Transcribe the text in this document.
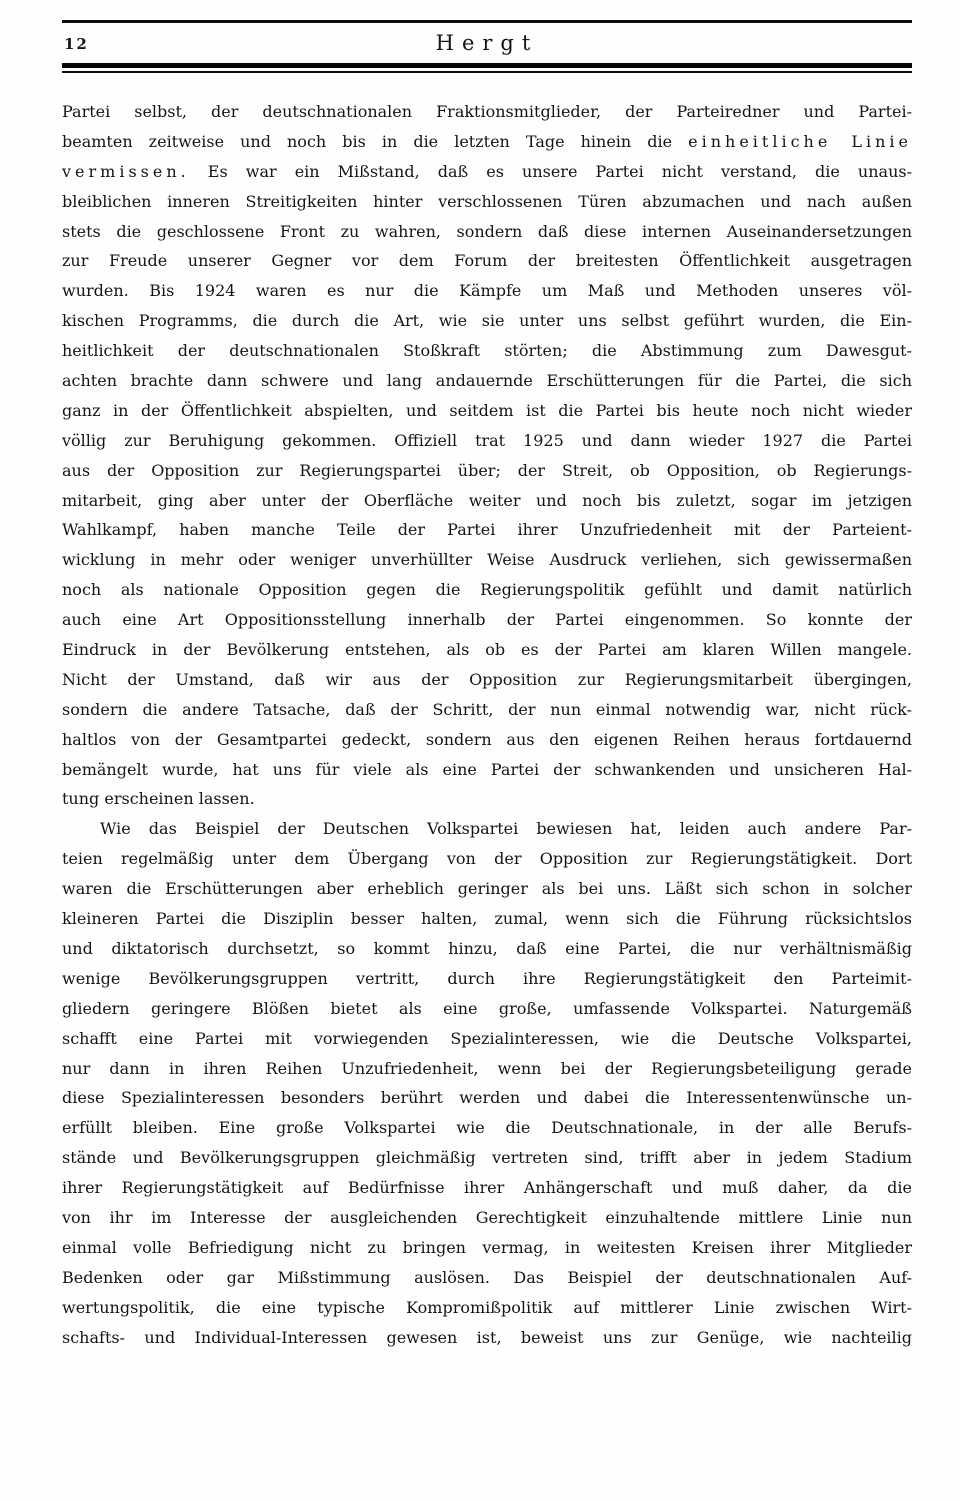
12	Hergt
Partei selbst, der deutschnationalen Fraktionsmitglieder, der Parteiredner und Partei-
beamten zeitweise und noch bis in die letzten Tage hinein die einheitliche Linie
vermissen. Es war ein Mißstand, daß es unsere Partei nicht verstand, die unaus-
bleiblichen inneren Streitigkeiten hinter verschlossenen Türen abzumachen und nach außen
stets die geschlossene Front zu wahren, sondern daß diese internen Auseinandersetzungen
zur Freude unserer Gegner vor dem Forum der breitesten Öffentlichkeit ausgetragen
wurden. Bis 1924 waren es nur die Kämpfe um Maß und Methoden unseres völ-
kischen Programms, die durch die Art, wie sie unter uns selbst geführt wurden, die Ein-
heitlichkeit der deutschnationalen Stoßkraft störten; die Abstimmung zum Dawesgut-
achten brachte dann schwere und lang andauernde Erschütterungen für die Partei, die sich
ganz in der Öffentlichkeit abspielten, und seitdem ist die Partei bis heute noch nicht wieder
völlig zur Beruhigung gekommen. Offiziell trat 1925 und dann wieder 1927 die Partei
aus der Opposition zur Regierungspartei über; der Streit, ob Opposition, ob Regierungs-
mitarbeit, ging aber unter der Oberfläche weiter und noch bis zuletzt, sogar im jetzigen
Wahlkampf, haben manche Teile der Partei ihrer Unzufriedenheit mit der Parteient-
wicklung in mehr oder weniger unverhüllter Weise Ausdruck verliehen, sich gewissermaßen
noch als nationale Opposition gegen die Regierungspolitik gefühlt und damit natürlich
auch eine Art Oppositionsstellung innerhalb der Partei eingenommen. So konnte der
Eindruck in der Bevölkerung entstehen, als ob es der Partei am klaren Willen mangele.
Nicht der Umstand, daß wir aus der Opposition zur Regierungsmitarbeit übergingen,
sondern die andere Tatsache, daß der Schritt, der nun einmal notwendig war, nicht rück-
haltlos von der Gesamtpartei gedeckt, sondern aus den eigenen Reihen heraus fortdauernd
bemängelt wurde, hat uns für viele als eine Partei der schwankenden und unsicheren Hal-
tung erscheinen lassen.
Wie das Beispiel der Deutschen Volkspartei bewiesen hat, leiden auch andere Par-
teien regelmäßig unter dem Übergang von der Opposition zur Regierungstätigkeit. Dort
waren die Erschütterungen aber erheblich geringer als bei uns. Läßt sich schon in solcher
kleineren Partei die Disziplin besser halten, zumal, wenn sich die Führung rücksichtslos
und diktatorisch durchsetzt, so kommt hinzu, daß eine Partei, die nur verhältnismäßig
wenige Bevölkerungsgruppen vertritt, durch ihre Regierungstätigkeit den Parteimit-
gliedern geringere Blößen bietet als eine große, umfassende Volkspartei. Naturgemäß
schafft eine Partei mit vorwiegenden Spezialinteressen, wie die Deutsche Volkspartei,
nur dann in ihren Reihen Unzufriedenheit, wenn bei der Regierungsbeteiligung gerade
diese Spezialinteressen besonders berührt werden und dabei die Interessentenwünsche un-
erfüllt bleiben. Eine große Volkspartei wie die Deutschnationale, in der alle Berufs-
stände und Bevölkerungsgruppen gleichmäßig vertreten sind, trifft aber in jedem Stadium
ihrer Regierungstätigkeit auf Bedürfnisse ihrer Anhängerschaft und muß daher, da die
von ihr im Interesse der ausgleichenden Gerechtigkeit einzuhaltende mittlere Linie nun
einmal volle Befriedigung nicht zu bringen vermag, in weitesten Kreisen ihrer Mitglieder
Bedenken oder gar Mißstimmung auslösen. Das Beispiel der deutschnationalen Auf-
wertungspolitik, die eine typische Kompromißpolitik auf mittlerer Linie zwischen Wirt-
schafts- und Individual-Interessen gewesen ist, beweist uns zur Genüge, wie nachteilig
